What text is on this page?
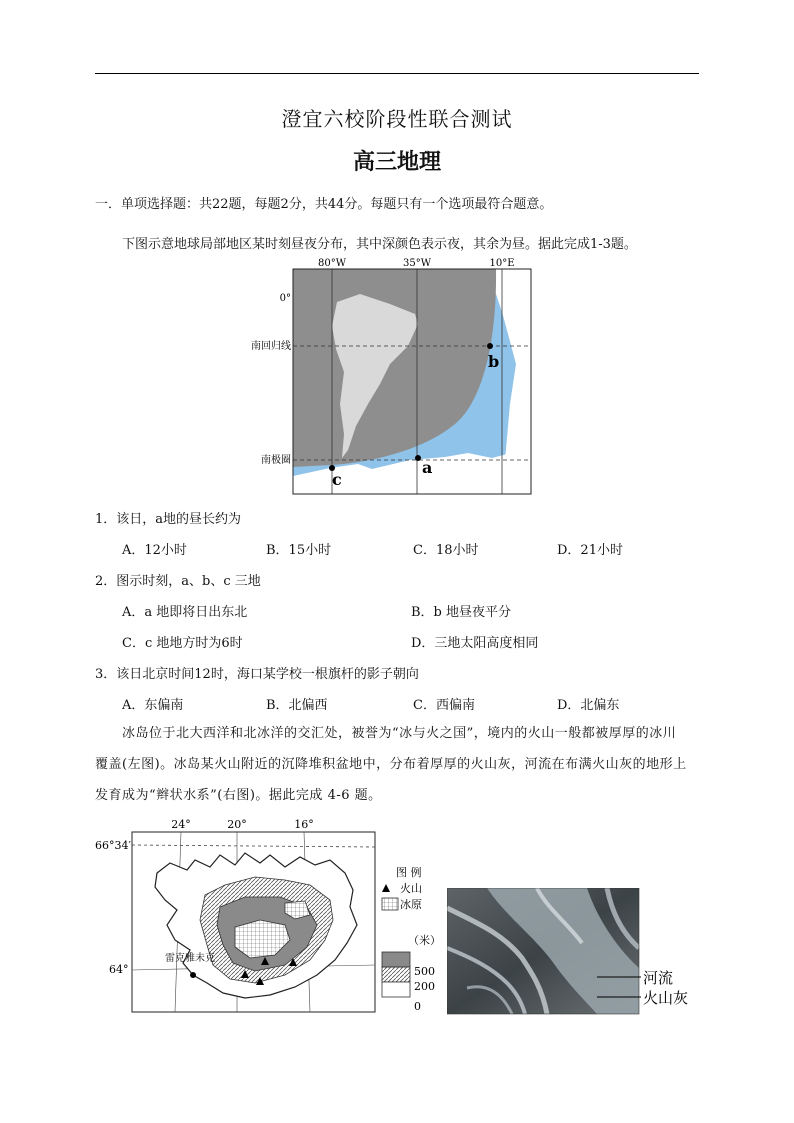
澄宜六校阶段性联合测试
高三地理
一．单项选择题：共22题，每题2分，共44分。每题只有一个选项最符合题意。
下图示意地球局部地区某时刻昼夜分布，其中深颜色表示夜，其余为昼。据此完成1-3题。
80°W	35°W	10°E
0°
南回归线
南极圈
b
a
c
1．该日，a地的昼长约为
A．12小时	B．15小时	C．18小时	D．21小时
2．图示时刻，a、b、c 三地
A．a 地即将日出东北	B．b 地昼夜平分
C．c 地地方时为6时	D．三地太阳高度相同
3．该日北京时间12时，海口某学校一根旗杆的影子朝向
A．东偏南	B．北偏西	C．西偏南	D．北偏东
冰岛位于北大西洋和北冰洋的交汇处，被誉为“冰与火之国”，境内的火山一般都被厚厚的冰川
覆盖(左图)。冰岛某火山附近的沉降堆积盆地中，分布着厚厚的火山灰，河流在布满火山灰的地形上
发育成为“辫状水系”(右图)。据此完成 4-6 题。
24°	20°	16°
66°34′
64°
雷克雅未克
图 例
火山
冰原
（米）
500
200
0
河流
火山灰
